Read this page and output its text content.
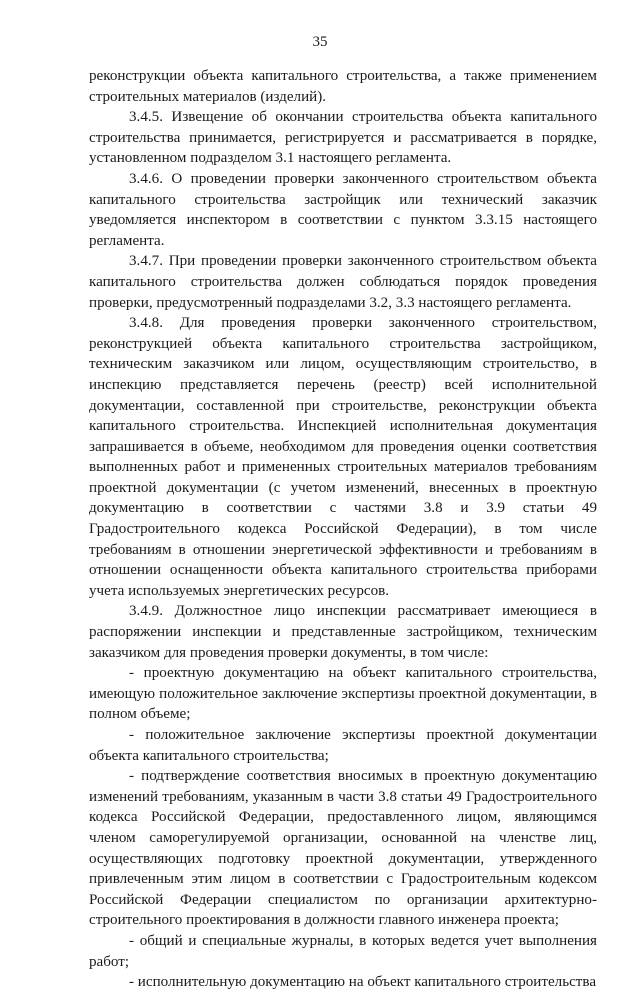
35

реконструкции объекта капитального строительства, а также применением строительных материалов (изделий).

3.4.5. Извещение об окончании строительства объекта капитального строительства принимается, регистрируется и рассматривается в порядке, установленном подразделом 3.1 настоящего регламента.

3.4.6. О проведении проверки законченного строительством объекта капитального строительства застройщик или технический заказчик уведомляется инспектором в соответствии с пунктом 3.3.15 настоящего регламента.

3.4.7. При проведении проверки законченного строительством объекта капитального строительства должен соблюдаться порядок проведения проверки, предусмотренный подразделами 3.2, 3.3 настоящего регламента.

3.4.8. Для проведения проверки законченного строительством, реконструкцией объекта капитального строительства застройщиком, техническим заказчиком или лицом, осуществляющим строительство, в инспекцию представляется перечень (реестр) всей исполнительной документации, составленной при строительстве, реконструкции объекта капитального строительства. Инспекцией исполнительная документация запрашивается в объеме, необходимом для проведения оценки соответствия выполненных работ и примененных строительных материалов требованиям проектной документации (с учетом изменений, внесенных в проектную документацию в соответствии с частями 3.8 и 3.9 статьи 49 Градостроительного кодекса Российской Федерации), в том числе требованиям в отношении энергетической эффективности и требованиям в отношении оснащенности объекта капитального строительства приборами учета используемых энергетических ресурсов.

3.4.9. Должностное лицо инспекции рассматривает имеющиеся в распоряжении инспекции и представленные застройщиком, техническим заказчиком для проведения проверки документы, в том числе:

- проектную документацию на объект капитального строительства, имеющую положительное заключение экспертизы проектной документации, в полном объеме;

- положительное заключение экспертизы проектной документации объекта капитального строительства;

- подтверждение соответствия вносимых в проектную документацию изменений требованиям, указанным в части 3.8 статьи 49 Градостроительного кодекса Российской Федерации, предоставленного лицом, являющимся членом саморегулируемой организации, основанной на членстве лиц, осуществляющих подготовку проектной документации, утвержденного привлеченным этим лицом в соответствии с Градостроительным кодексом Российской Федерации специалистом по организации архитектурно-строительного проектирования в должности главного инженера проекта;

- общий и специальные журналы, в которых ведется учет выполнения работ;

- исполнительную документацию на объект капитального строительства
